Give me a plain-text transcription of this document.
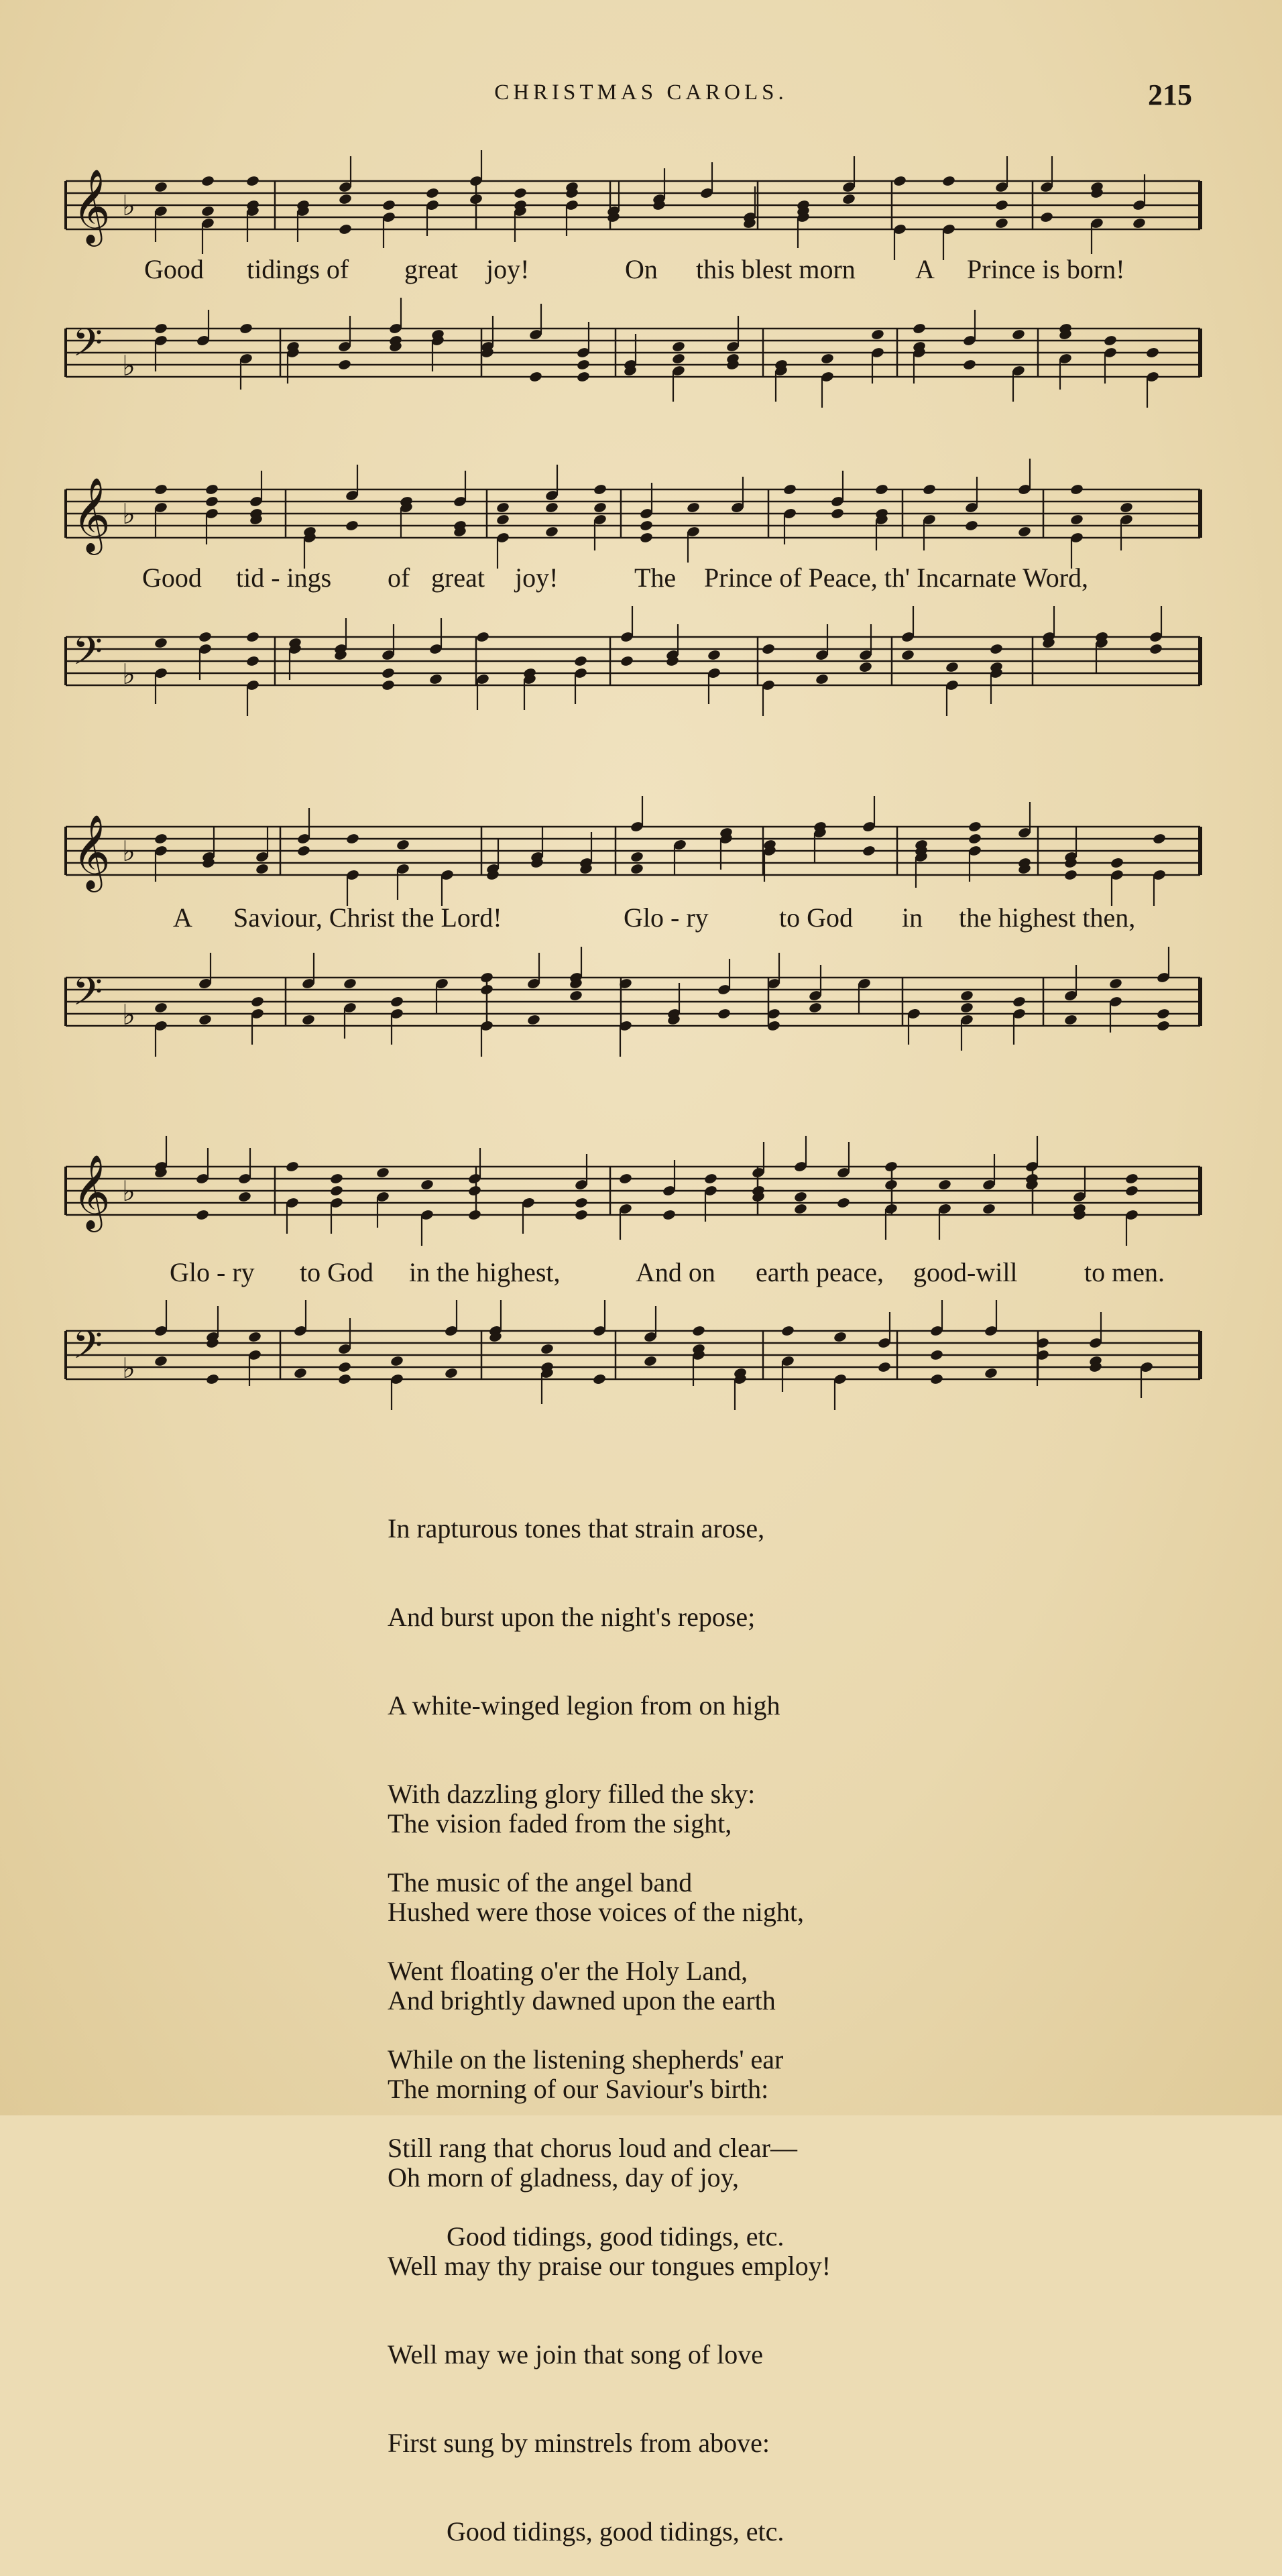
CHRISTMAS CAROLS.	215
𝄞 ♭
Good tidings of great joy!	On this blest morn A Prince is born!
𝄢 ♭
𝄞 ♭
Good tid - ings of great joy!	The Prince of Peace, th' Incarnate Word,
𝄢 ♭
𝄞 ♭
A Saviour, Christ the Lord!	Glo - ry	to God in the highest then,
𝄢 ♭
𝄞 ♭
Glo - ry to God in the highest,	And on earth peace, good-will to men.
𝄢 ♭

In rapturous tones that strain arose,

And burst upon the night's repose;

A white-winged legion from on high

With dazzling glory filled the sky:

The music of the angel band

Went floating o'er the Holy Land,

While on the listening shepherds' ear

Still rang that chorus loud and clear—

Good tidings, good tidings, etc.

The vision faded from the sight,

Hushed were those voices of the night,

And brightly dawned upon the earth

The morning of our Saviour's birth:

Oh morn of gladness, day of joy,

Well may thy praise our tongues employ!

Well may we join that song of love

First sung by minstrels from above:

Good tidings, good tidings, etc.
